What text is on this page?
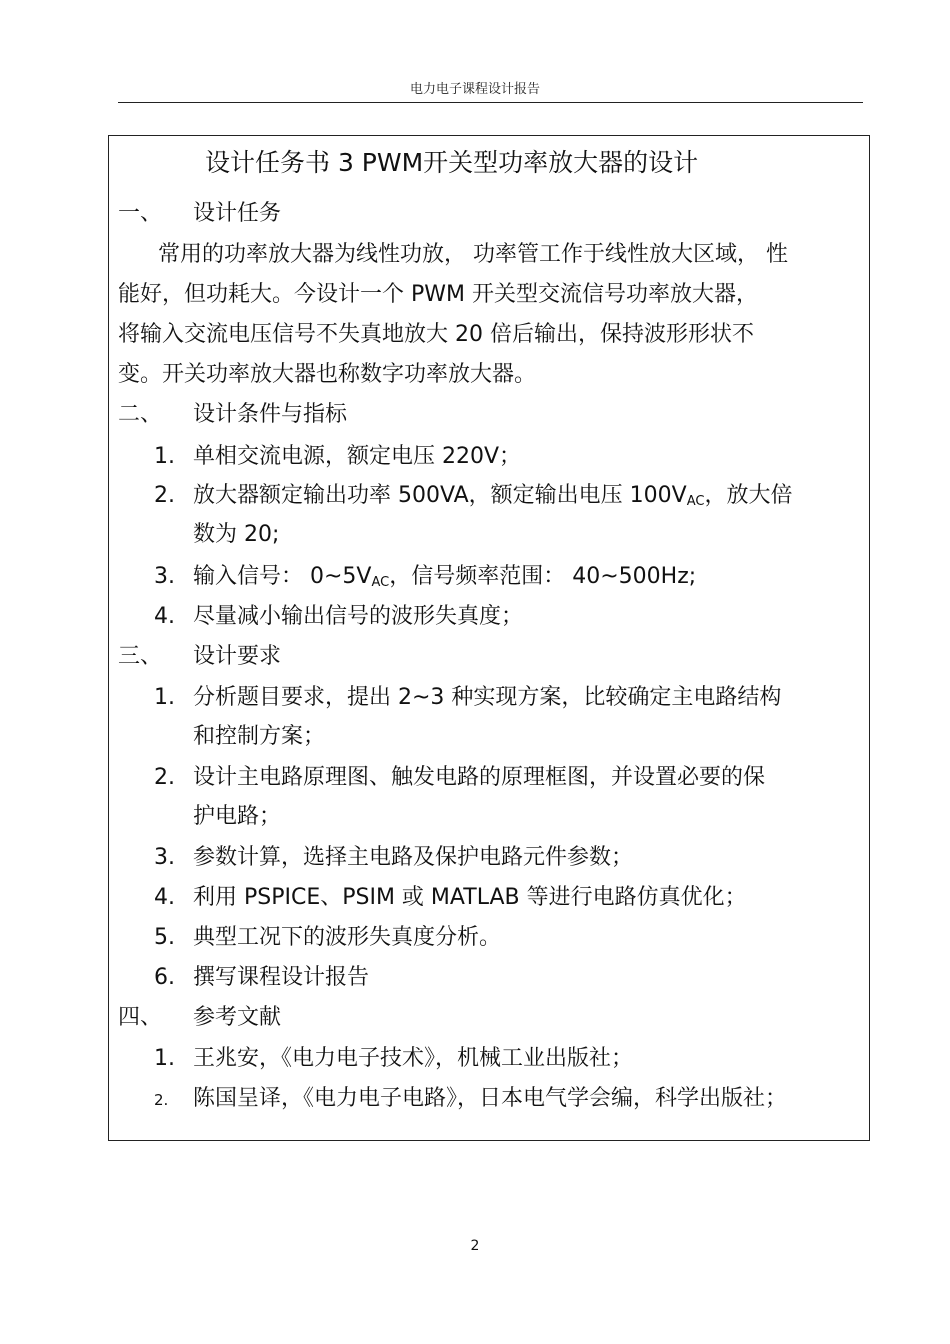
电力电子课程设计报告
设计任务书 3 PWM开关型功率放大器的设计
一、 设计任务
常用的功率放大器为线性功放， 功率管工作于线性放大区域， 性
能好，但功耗大。今设计一个 PWM 开关型交流信号功率放大器，
将输入交流电压信号不失真地放大 20 倍后输出，保持波形形状不
变。开关功率放大器也称数字功率放大器。
二、 设计条件与指标
1. 单相交流电源，额定电压 220V；
2. 放大器额定输出功率 500VA，额定输出电压 $100V_{AC}$，放大倍
数为 20;
3. 输入信号： $0\sim 5V_{AC}$，信号频率范围： 40~500Hz;
4. 尽量减小输出信号的波形失真度；
三、 设计要求
1. 分析题目要求，提出 2~3 种实现方案，比较确定主电路结构
和控制方案；
2. 设计主电路原理图、触发电路的原理框图，并设置必要的保
护电路；
3. 参数计算，选择主电路及保护电路元件参数；
4. 利用 PSPICE、PSIM 或 MATLAB 等进行电路仿真优化；
5. 典型工况下的波形失真度分析。
6. 撰写课程设计报告
四、 参考文献
1. 王兆安，《电力电子技术》，机械工业出版社；
2. 陈国呈译，《电力电子电路》，日本电气学会编，科学出版社；
2
